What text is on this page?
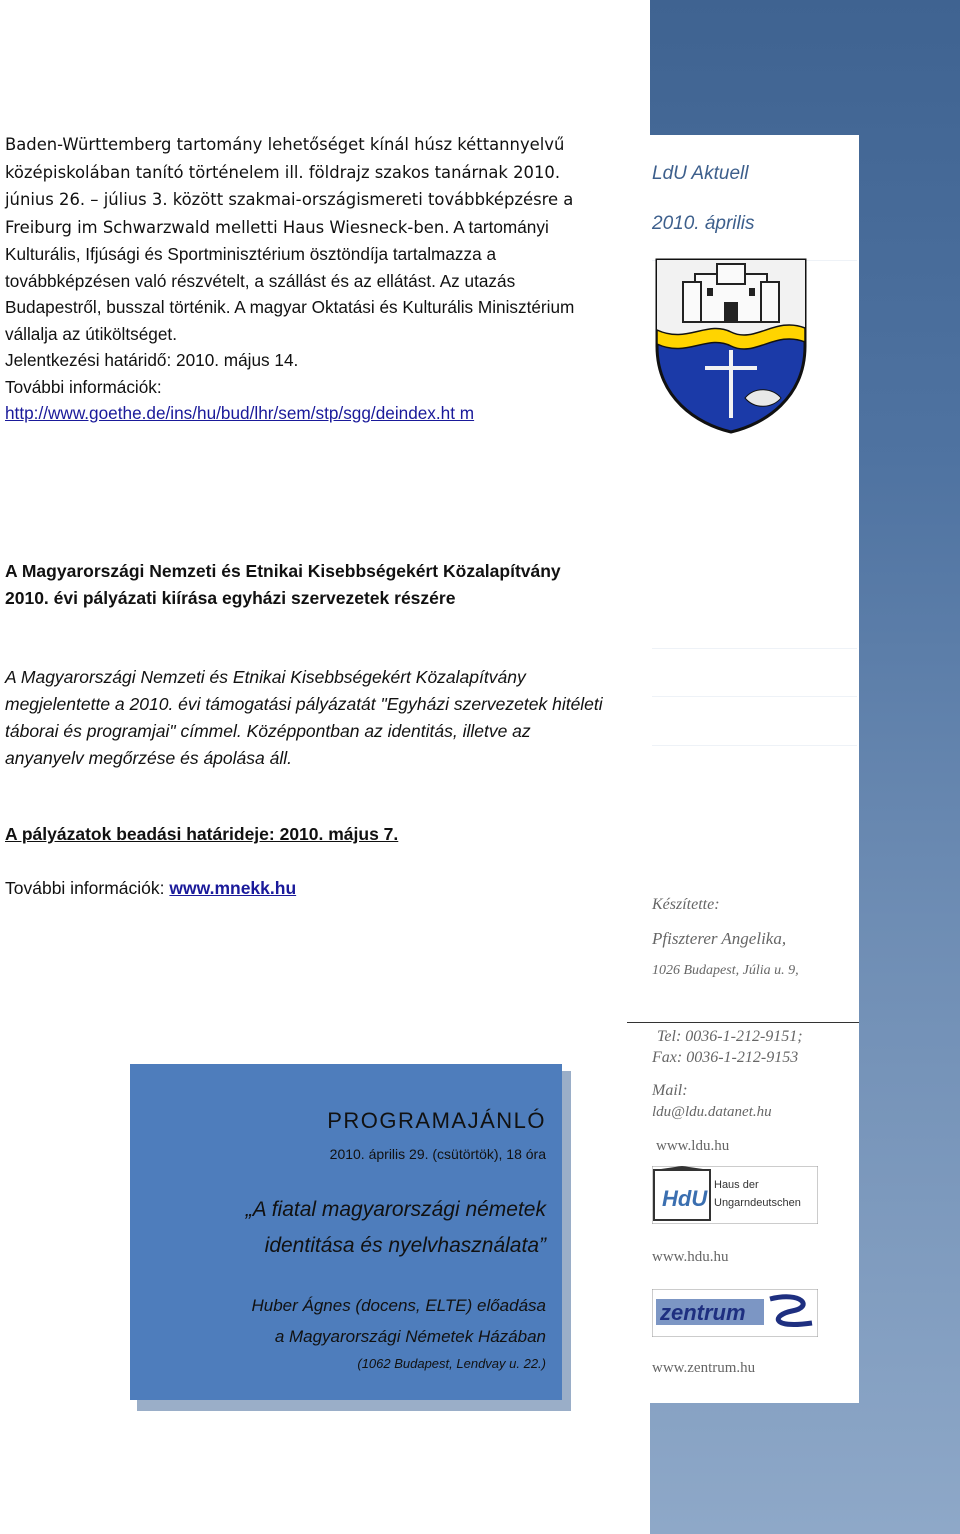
Baden-Württemberg tartomány lehetőséget kínál húsz kéttannyelvű középiskolában tanító történelem ill. földrajz szakos tanárnak 2010. június 26. – július 3. között szakmai-országismereti továbbképzésre a Freiburg im Schwarzwald melletti Haus Wiesneck-ben. A tartományi Kulturális, Ifjúsági és Sportminisztérium ösztöndíja tartalmazza a továbbképzésen való részvételt, a szállást és az ellátást. Az utazás Budapestről, busszal történik. A magyar Oktatási és Kulturális Minisztérium vállalja az útiköltséget.
Jelentkezési határidő: 2010. május 14.
További információk:
http://www.goethe.de/ins/hu/bud/lhr/sem/stp/sgg/deindex.ht m

A Magyarországi Nemzeti és Etnikai Kisebbségekért Közalapítvány 2010. évi pályázati kiírása egyházi szervezetek részére

A Magyarországi Nemzeti és Etnikai Kisebbségekért Közalapítvány megjelentette a 2010. évi támogatási pályázatát "Egyházi szervezetek hitéleti táborai és programjai" címmel. Középpontban az identitás, illetve az anyanyelv megőrzése és ápolása áll.

A pályázatok beadási határideje: 2010. május 7.

További információk: www.mnekk.hu

PROGRAMAJÁNLÓ
2010. április 29. (csütörtök), 18 óra
„A fiatal magyarországi németek
identitása és nyelvhasználata”
Huber Ágnes (docens, ELTE) előadása
a Magyarországi Németek Házában
(1062 Budapest, Lendvay u. 22.)
LdU Aktuell
2010. április
Készítette:
Pfiszterer Angelika,
1026 Budapest, Júlia u. 9,
Tel: 0036-1-212-9151;
Fax: 0036-1-212-9153
Mail:
ldu@ldu.datanet.hu
www.ldu.hu
HdU
Haus der
Ungarndeutschen
www.hdu.hu
zentrum
www.zentrum.hu
